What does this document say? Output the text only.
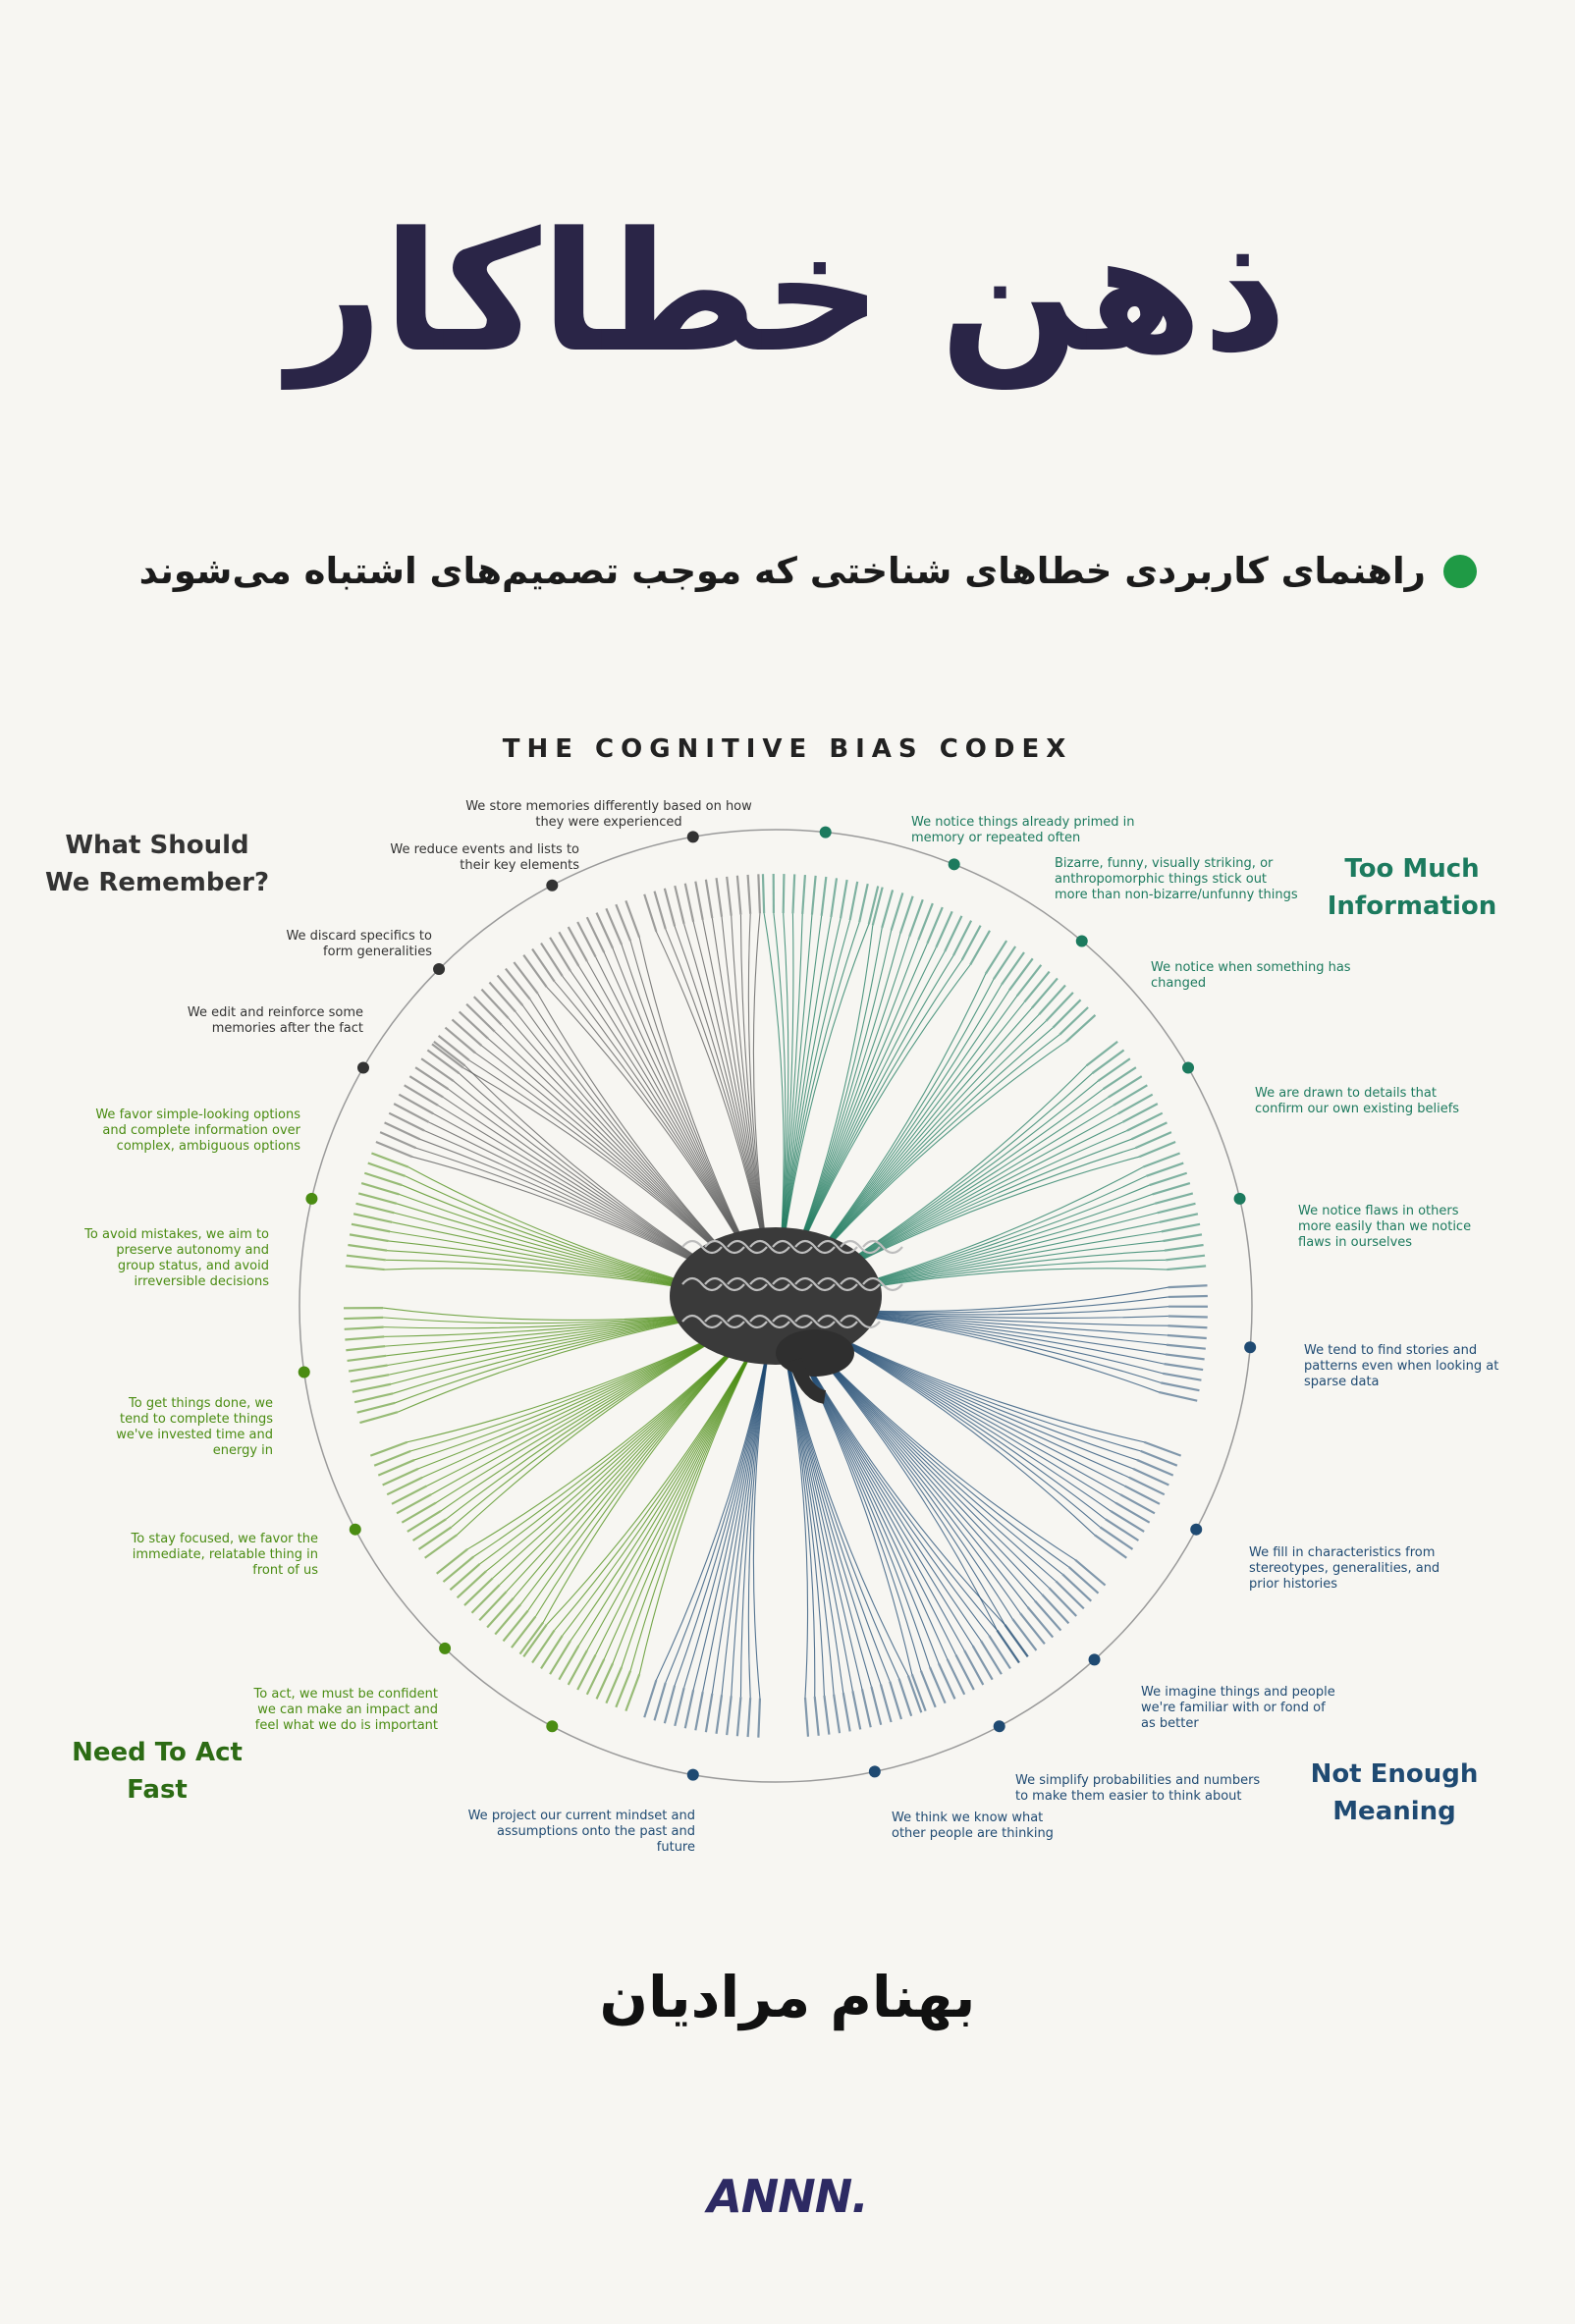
ذهن خطاکار
راهنمای کاربردی خطاهای شناختی که موجب تصمیم‌های اشتباه می‌شوند
THE COGNITIVE BIAS CODEX
What Should We Remember?	Too Much Information
Need To Act Fast
Not Enough Meaning
We store memories differently based on how they were experienced
We reduce events and lists to their key elements
We discard specifics to form generalities
We edit and reinforce some memories after the fact
We notice things already primed in memory or repeated often
Bizarre, funny, visually striking, or anthropomorphic things stick out more than non-bizarre/unfunny things
We notice when something has changed
We are drawn to details that confirm our own existing beliefs
We notice flaws in others more easily than we notice flaws in ourselves
We tend to find stories and patterns even when looking at sparse data
We fill in characteristics from stereotypes, generalities, and prior histories
We imagine things and people we're familiar with or fond of as better
We simplify probabilities and numbers to make them easier to think about
We think we know what other people are thinking
We project our current mindset and assumptions onto the past and future
We favor simple-looking options and complete information over complex, ambiguous options
To avoid mistakes, we aim to preserve autonomy and group status, and avoid irreversible decisions
To get things done, we tend to complete things we've invested time and energy in
To stay focused, we favor the immediate, relatable thing in front of us
To act, we must be confident we can make an impact and feel what we do is important
بهنام مرادیان
ANNN.
